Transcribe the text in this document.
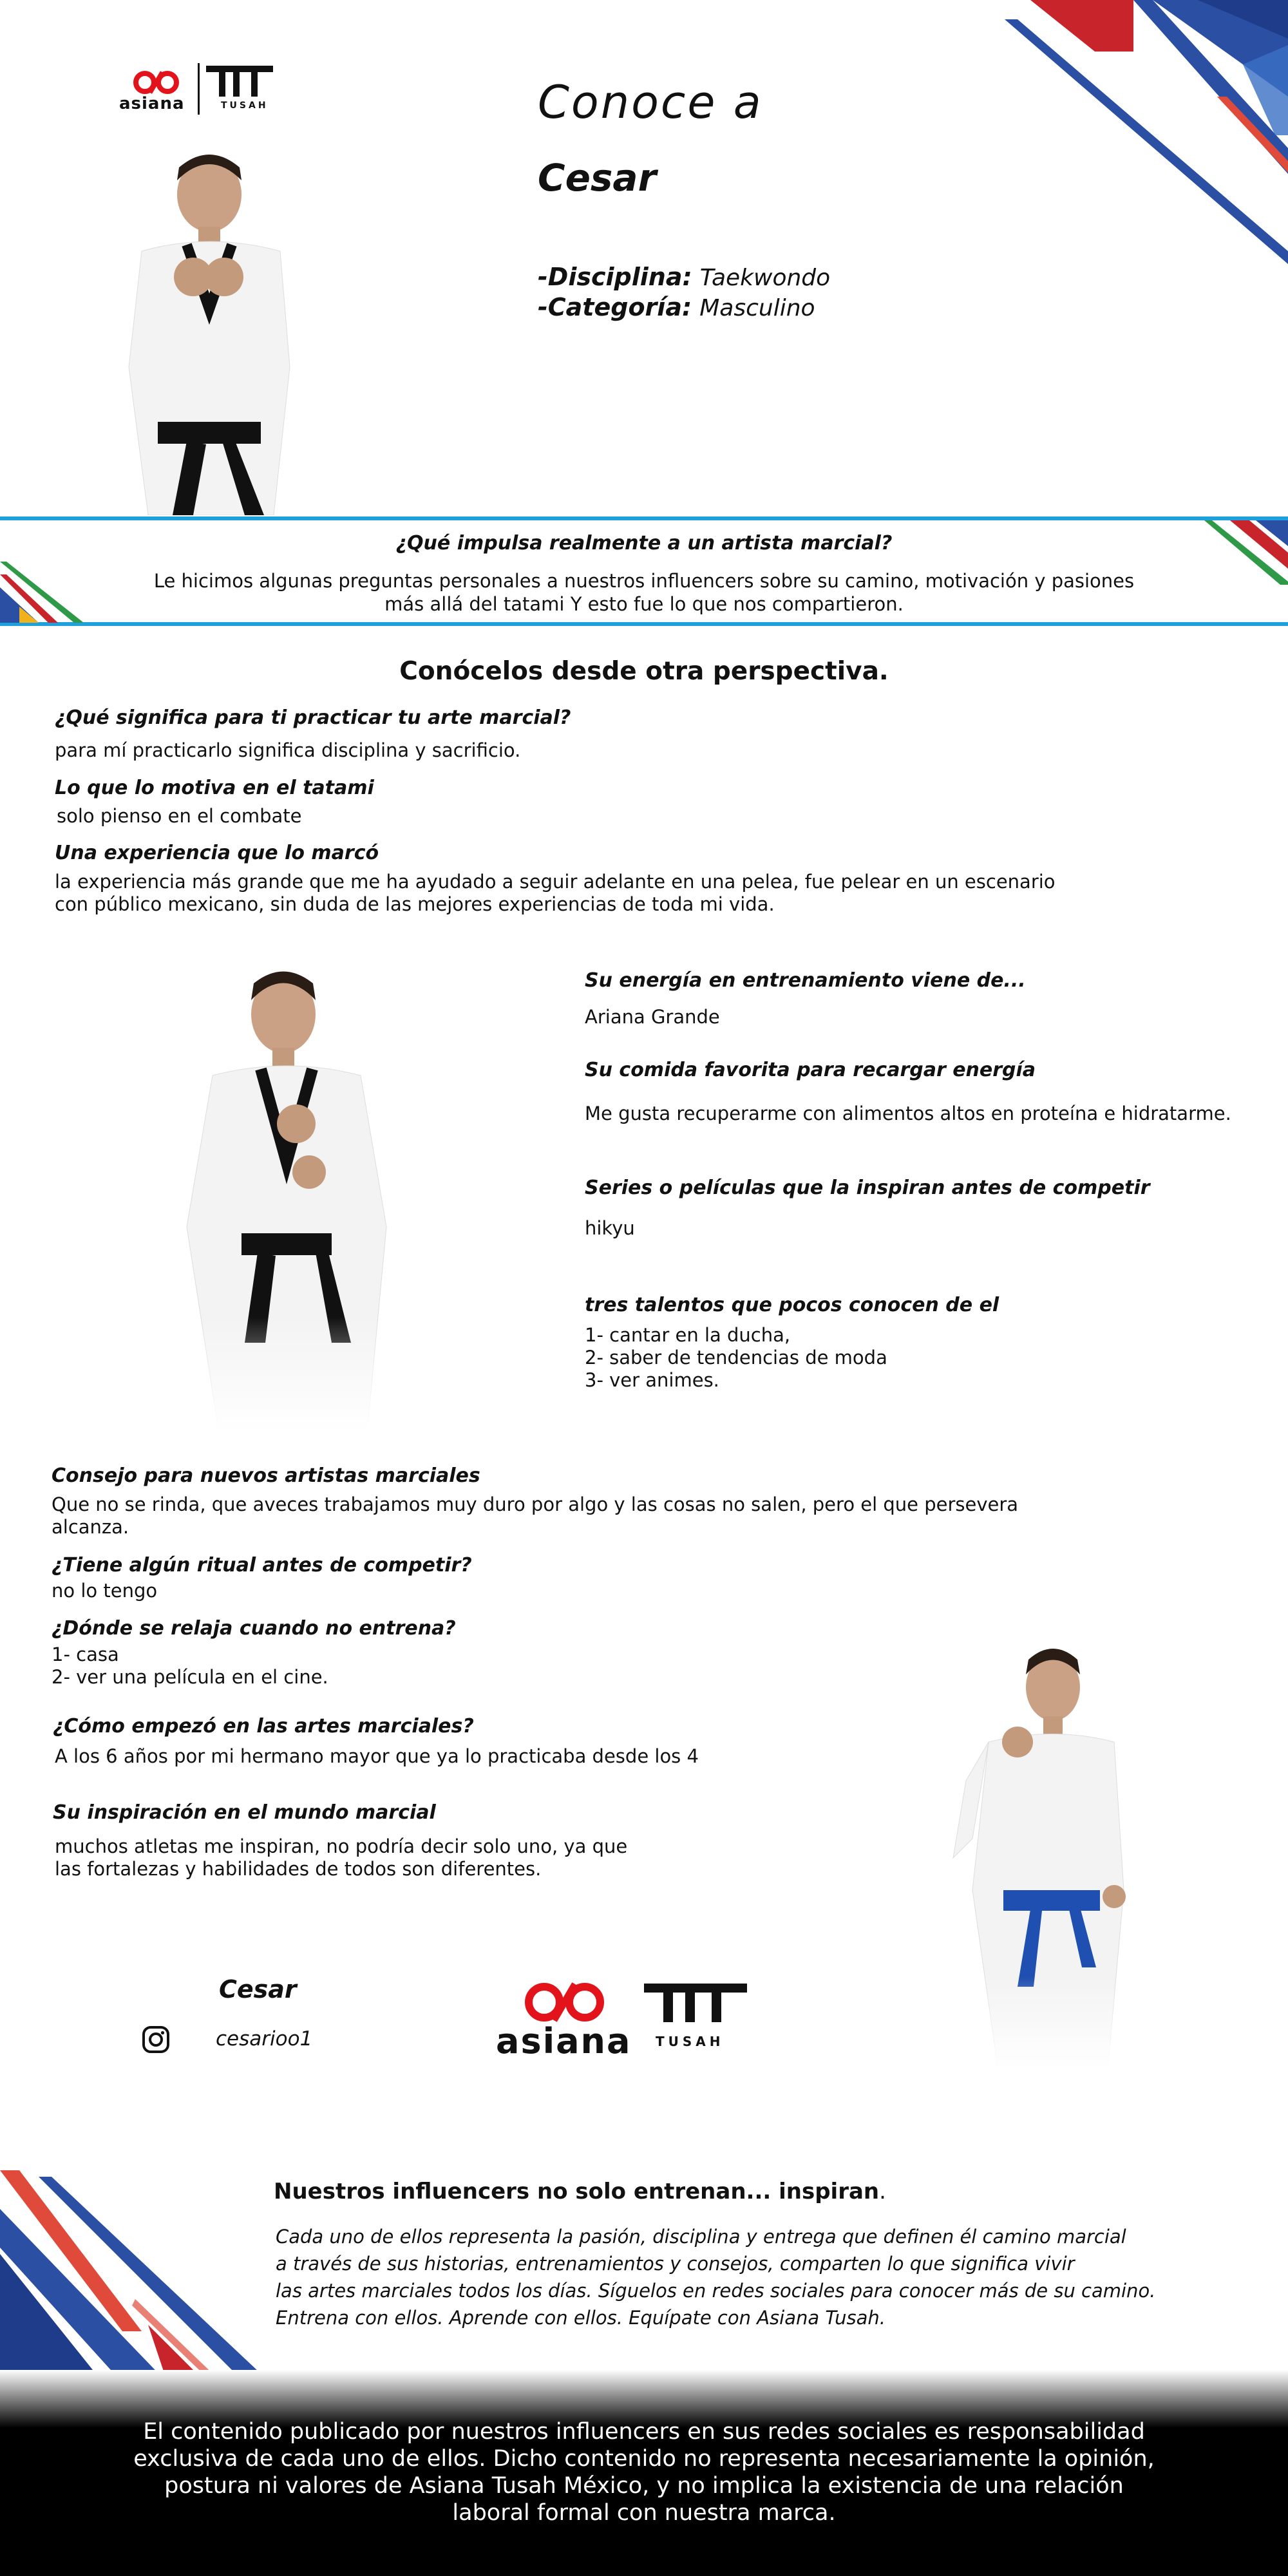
asiana	TUSAH	Conoce a
Cesar
-Disciplina: Taekwondo
-Categoría: Masculino
¿Qué impulsa realmente a un artista marcial?
Le hicimos algunas preguntas personales a nuestros influencers sobre su camino, motivación y pasiones
más allá del tatami Y esto fue lo que nos compartieron.
Conócelos desde otra perspectiva.
¿Qué significa para ti practicar tu arte marcial?
para mí practicarlo significa disciplina y sacrificio.
Lo que lo motiva en el tatami
solo pienso en el combate
Una experiencia que lo marcó
la experiencia más grande que me ha ayudado a seguir adelante en una pelea, fue pelear en un escenario
con público mexicano, sin duda de las mejores experiencias de toda mi vida.
Su energía en entrenamiento viene de...
Ariana Grande
Su comida favorita para recargar energía
Me gusta recuperarme con alimentos altos en proteína e hidratarme.
Series o películas que la inspiran antes de competir
hikyu
tres talentos que pocos conocen de el
1- cantar en la ducha,
2- saber de tendencias de moda
3- ver animes.
Consejo para nuevos artistas marciales
Que no se rinda, que aveces trabajamos muy duro por algo y las cosas no salen, pero el que persevera
alcanza.
¿Tiene algún ritual antes de competir?
no lo tengo
¿Dónde se relaja cuando no entrena?
1- casa
2- ver una película en el cine.
¿Cómo empezó en las artes marciales?
A los 6 años por mi hermano mayor que ya lo practicaba desde los 4
Su inspiración en el mundo marcial
muchos atletas me inspiran, no podría decir solo uno, ya que
las fortalezas y habilidades de todos son diferentes.
Cesar
cesarioo1	asiana TUSAH
Nuestros influencers no solo entrenan... inspiran.
Cada uno de ellos representa la pasión, disciplina y entrega que definen él camino marcial
a través de sus historias, entrenamientos y consejos, comparten lo que significa vivir
las artes marciales todos los días. Síguelos en redes sociales para conocer más de su camino.
Entrena con ellos. Aprende con ellos. Equípate con Asiana Tusah.
El contenido publicado por nuestros influencers en sus redes sociales es responsabilidad
exclusiva de cada uno de ellos. Dicho contenido no representa necesariamente la opinión,
postura ni valores de Asiana Tusah México, y no implica la existencia de una relación
laboral formal con nuestra marca.
